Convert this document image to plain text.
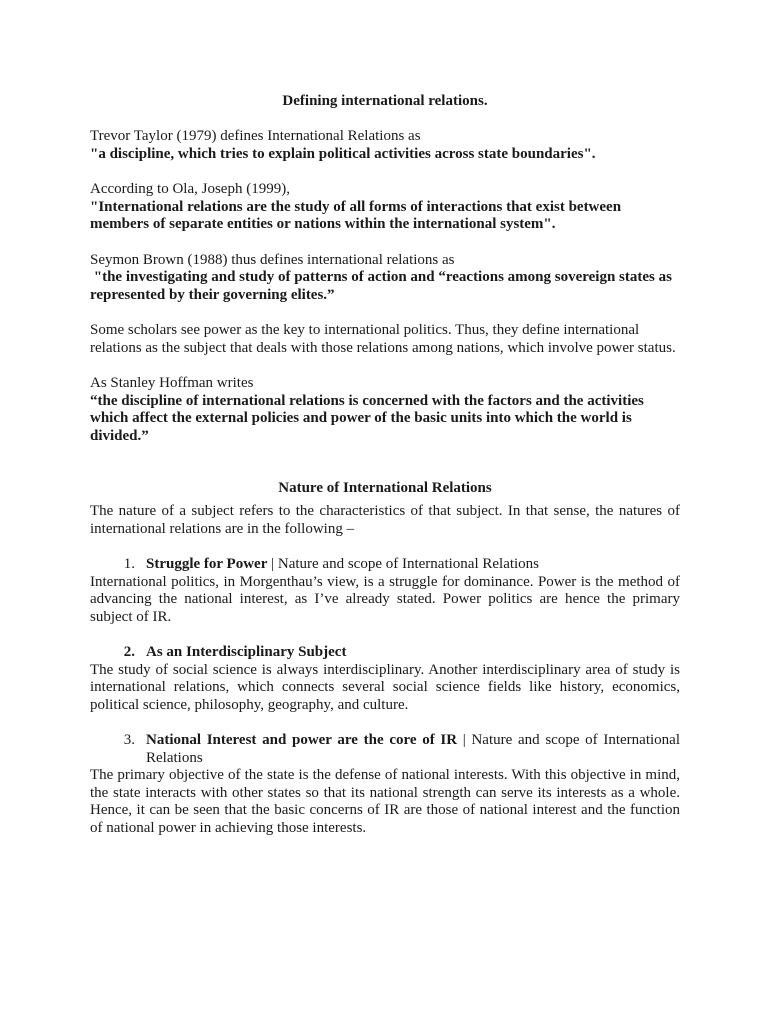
Defining international relations.

Trevor Taylor (1979) defines International Relations as

"a discipline, which tries to explain political activities across state boundaries".

According to Ola, Joseph (1999),

"International relations are the study of all forms of interactions that exist between members of separate entities or nations within the international system".

Seymon Brown (1988) thus defines international relations as

"the investigating and study of patterns of action and “reactions among sovereign states as represented by their governing elites.”

Some scholars see power as the key to international politics. Thus, they define international relations as the subject that deals with those relations among nations, which involve power status.

As Stanley Hoffman writes

“the discipline of international relations is concerned with the factors and the activities which affect the external policies and power of the basic units into which the world is divided.”

Nature of International Relations

The nature of a subject refers to the characteristics of that subject. In that sense, the natures of international relations are in the following –

1. Struggle for Power | Nature and scope of International Relations

International politics, in Morgenthau’s view, is a struggle for dominance. Power is the method of advancing the national interest, as I’ve already stated. Power politics are hence the primary subject of IR.

2. As an Interdisciplinary Subject

The study of social science is always interdisciplinary. Another interdisciplinary area of study is international relations, which connects several social science fields like history, economics, political science, philosophy, geography, and culture.

3. National Interest and power are the core of IR | Nature and scope of International Relations

The primary objective of the state is the defense of national interests. With this objective in mind, the state interacts with other states so that its national strength can serve its interests as a whole. Hence, it can be seen that the basic concerns of IR are those of national interest and the function of national power in achieving those interests.
